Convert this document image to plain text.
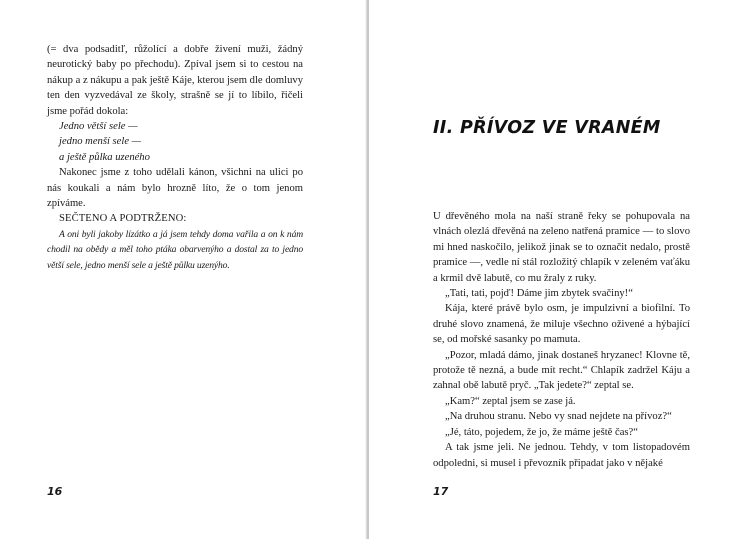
(= dva podsaditľ, růžolící a dobře živení muži, žádný neurotický baby po přechodu). Zpíval jsem si to cestou na nákup a z nákupu a pak ještě Káje, kterou jsem dle domluvy ten den vyzvedával ze školy, strašně se jí to líbilo, řičeli jsme pořád dokola:

Jedno větší sele —
jedno menší sele —
a ještě půlka uzeného

Nakonec jsme z toho udělali kánon, všichni na ulici po nás koukali a nám bylo hrozně líto, že o tom jenom zpíváme.

SEČTENO A PODTRŽENO:

A oni byli jakoby lízátko a já jsem tehdy doma vařila a on k nám chodil na obědy a měl toho ptáka obarvenýho a dostal za to jedno větší sele, jedno menší sele a ještě půlku uzenýho.

16
II. PŘÍVOZ VE VRANÉM

U dřevěného mola na naší straně řeky se pohupovala na vlnách olezlá dřevěná na zeleno natřená pramice — to slovo mi hned naskočilo, jelikož jinak se to označit nedalo, prostě pramice —, vedle ní stál rozložitý chlapík v zeleném vaťáku a krmil dvě labutě, co mu žraly z ruky.

„Tati, tati, pojď! Dáme jim zbytek svačiny!“

Kája, které právě bylo osm, je impulzivní a biofilní. To druhé slovo znamená, že miluje všechno oživené a hýbající se, od mořské sasanky po mamuta.

„Pozor, mladá dámo, jinak dostaneš hryzanec! Klovne tě, protože tě nezná, a bude mít recht.“ Chlapík zadržel Káju a zahnal obě labutě pryč. „Tak jedete?“ zeptal se.

„Kam?“ zeptal jsem se zase já.

„Na druhou stranu. Nebo vy snad nejdete na přívoz?“

„Jé, táto, pojedem, že jo, že máme ještě čas?“

A tak jsme jeli. Ne jednou. Tehdy, v tom listopadovém odpoledni, si musel i převozník připadat jako v nějaké

17
